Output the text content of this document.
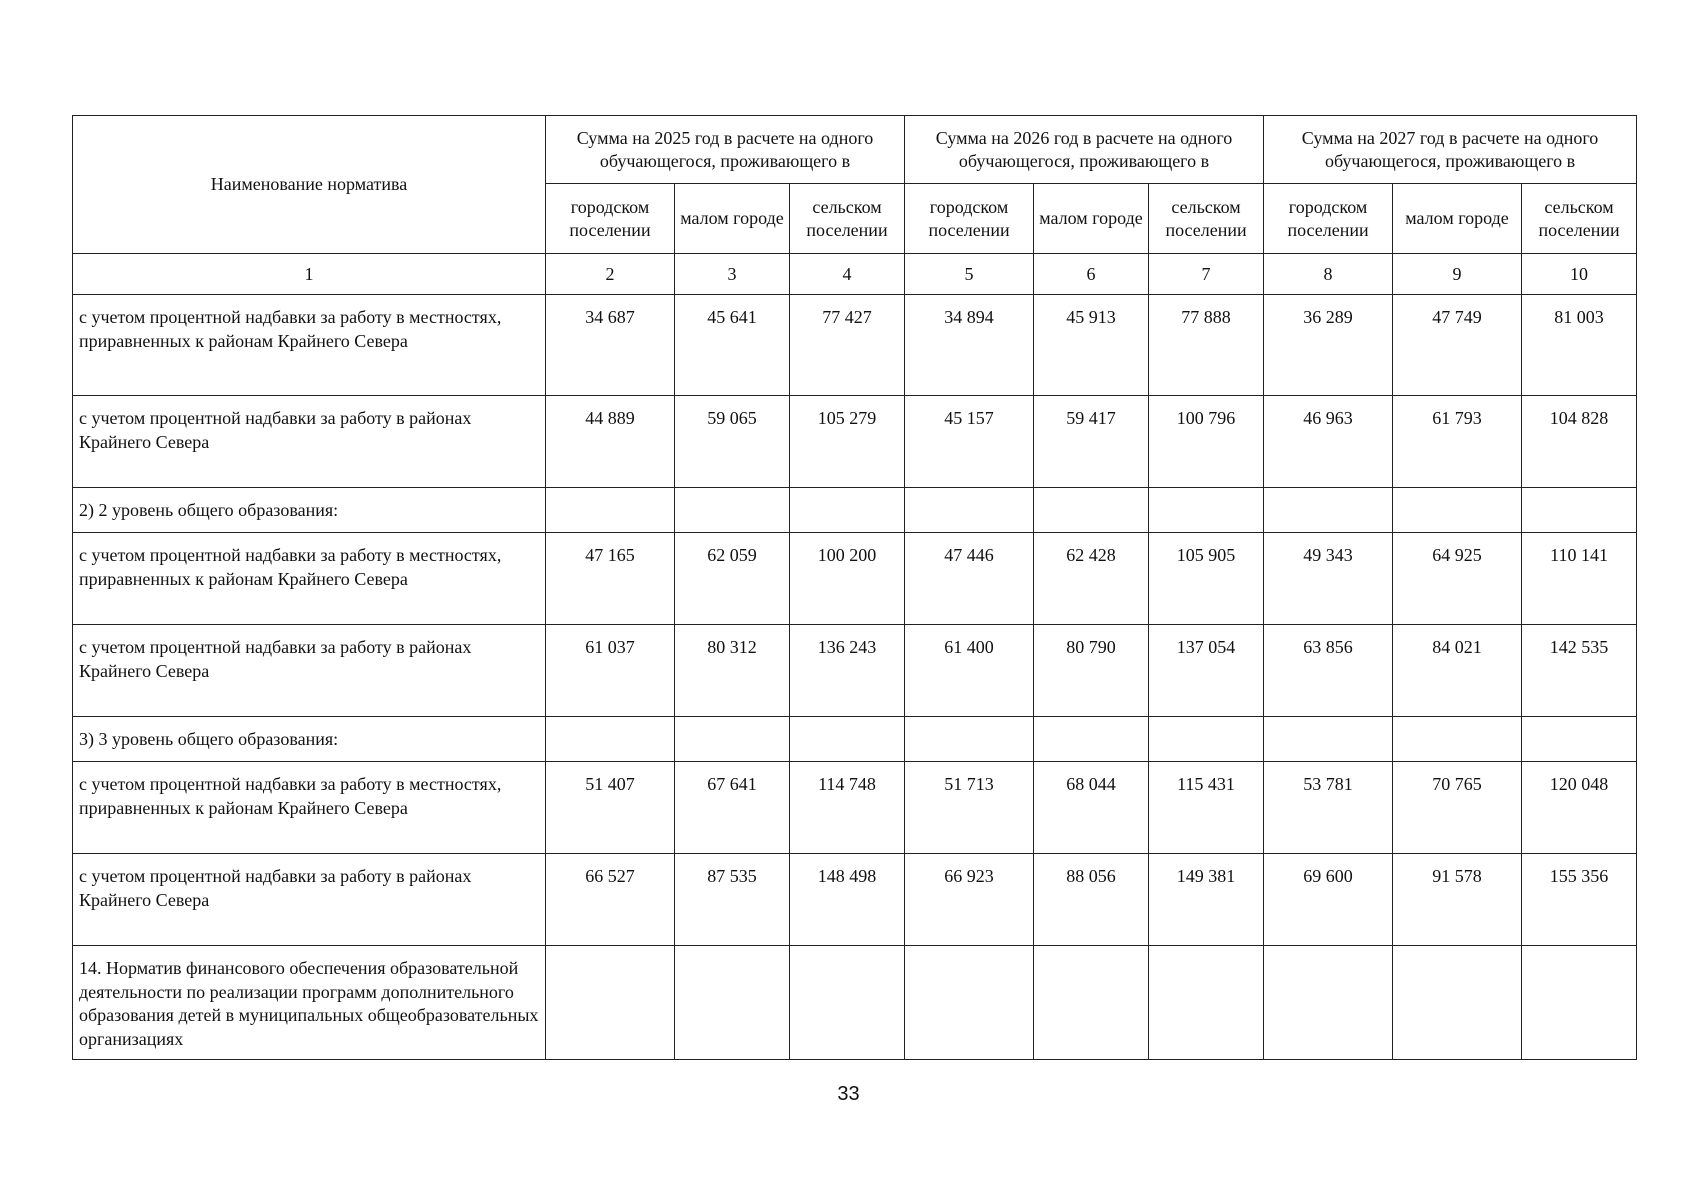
Наименование норматива	Сумма на 2025 год в расчете на одного обучающегося, проживающего в			Сумма на 2026 год в расчете на одного обучающегося, проживающего в			Сумма на 2027 год в расчете на одного обучающегося, проживающего в		
	городском поселении	малом городе	сельском поселении	городском поселении	малом городе	сельском поселении	городском поселении	малом городе	сельском поселении
1	2	3	4	5	6	7	8	9	10
с учетом процентной надбавки за работу в местностях, приравненных к районам Крайнего Севера	34 687	45 641	77 427	34 894	45 913	77 888	36 289	47 749	81 003
с учетом процентной надбавки за работу в районах Крайнего Севера	44 889	59 065	105 279	45 157	59 417	100 796	46 963	61 793	104 828
2) 2 уровень общего образования:									
с учетом процентной надбавки за работу в местностях, приравненных к районам Крайнего Севера	47 165	62 059	100 200	47 446	62 428	105 905	49 343	64 925	110 141
с учетом процентной надбавки за работу в районах Крайнего Севера	61 037	80 312	136 243	61 400	80 790	137 054	63 856	84 021	142 535
3) 3 уровень общего образования:									
с учетом процентной надбавки за работу в местностях, приравненных к районам Крайнего Севера	51 407	67 641	114 748	51 713	68 044	115 431	53 781	70 765	120 048
с учетом процентной надбавки за работу в районах Крайнего Севера	66 527	87 535	148 498	66 923	88 056	149 381	69 600	91 578	155 356
14. Норматив финансового обеспечения образовательной деятельности по реализации программ дополнительного образования детей в муниципальных общеобразовательных организациях									
33
